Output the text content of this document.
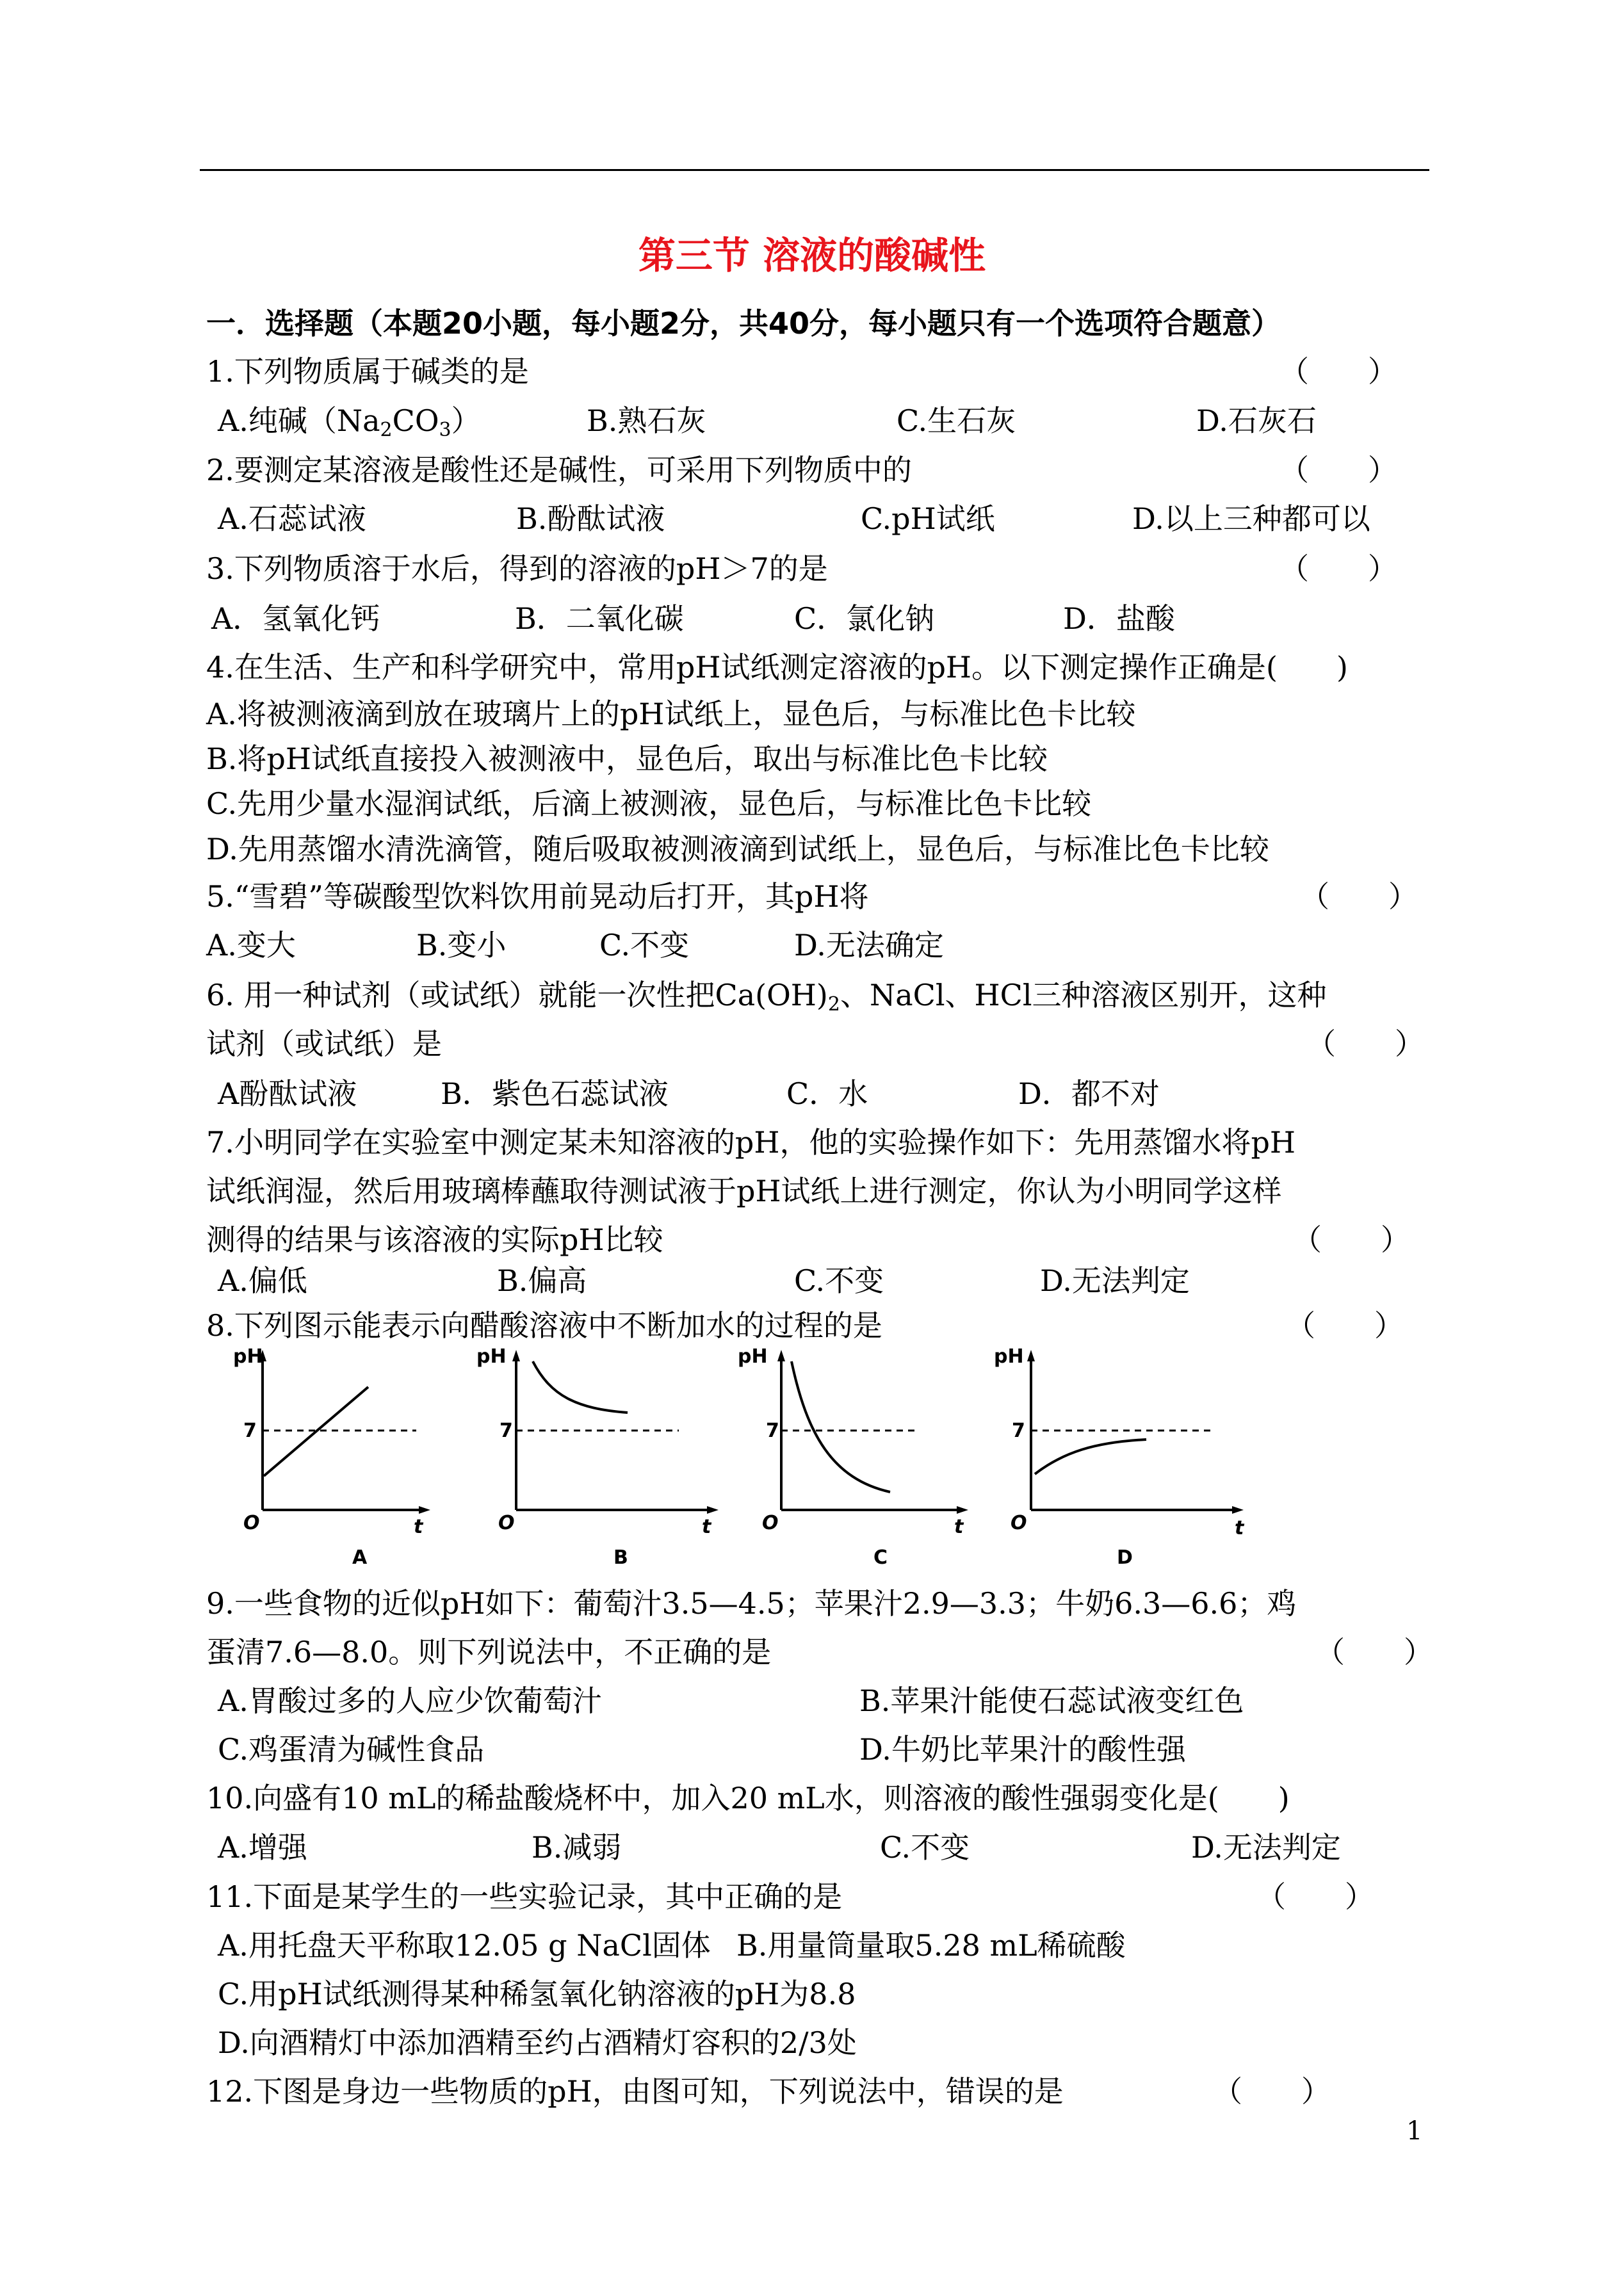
第三节 溶液的酸碱性
一．选择题（本题20小题，每小题2分，共40分，每小题只有一个选项符合题意）
1.下列物质属于碱类的是	（　　）
A.纯碱$(Na_2CO_3)$	B.熟石灰	C.生石灰	D.石灰石
2.要测定某溶液是酸性还是碱性，可采用下列物质中的	（　　）
A.石蕊试液	B.酚酞试液	C.pH试纸	D.以上三种都可以
3.下列物质溶于水后，得到的溶液的pH＞7的是	（　　）
A．氢氧化钙	B．二氧化碳	C．氯化钠	D．盐酸
4.在生活、生产和科学研究中，常用pH试纸测定溶液的pH。以下测定操作正确是(　　)
A.将被测液滴到放在玻璃片上的pH试纸上，显色后，与标准比色卡比较
B.将pH试纸直接投入被测液中，显色后，取出与标准比色卡比较
C.先用少量水湿润试纸，后滴上被测液，显色后，与标准比色卡比较
D.先用蒸馏水清洗滴管，随后吸取被测液滴到试纸上，显色后，与标准比色卡比较
5.“雪碧”等碳酸型饮料饮用前晃动后打开，其pH将	（　　）
A.变大	B.变小	C.不变	D.无法确定
6. 用一种试剂（或试纸）就能一次性把$Ca(OH)_2$、NaCl、HCl三种溶液区别开，这种
试剂（或试纸）是	（　　）
A酚酞试液	B．紫色石蕊试液	C．水	D．都不对
7.小明同学在实验室中测定某未知溶液的pH，他的实验操作如下：先用蒸馏水将pH
试纸润湿，然后用玻璃棒蘸取待测试液于pH试纸上进行测定，你认为小明同学这样
测得的结果与该溶液的实际pH比较	（　　）
A.偏低	B.偏高	C.不变	D.无法判定
8.下列图示能表示向醋酸溶液中不断加水的过程的是	（　　）
pH
7
O	t
A
pH
7
O	t
B
pH
7
O	t
C
pH
7
O	t
D
9.一些食物的近似pH如下：葡萄汁3.5—4.5；苹果汁2.9—3.3；牛奶6.3—6.6；鸡
蛋清7.6—8.0。则下列说法中，不正确的是	（　　）
A.胃酸过多的人应少饮葡萄汁	B.苹果汁能使石蕊试液变红色
C.鸡蛋清为碱性食品	D.牛奶比苹果汁的酸性强
10.向盛有10 mL的稀盐酸烧杯中，加入20 mL水，则溶液的酸性强弱变化是(　　)
A.增强	B.减弱	C.不变	D.无法判定
11.下面是某学生的一些实验记录，其中正确的是	（　　）
A.用托盘天平称取12.05 g NaCl固体 B.用量筒量取5.28 mL稀硫酸
C.用pH试纸测得某种稀氢氧化钠溶液的pH为8.8
D.向酒精灯中添加酒精至约占酒精灯容积的2/3处
12.下图是身边一些物质的pH，由图可知，下列说法中，错误的是	（　　）
1
